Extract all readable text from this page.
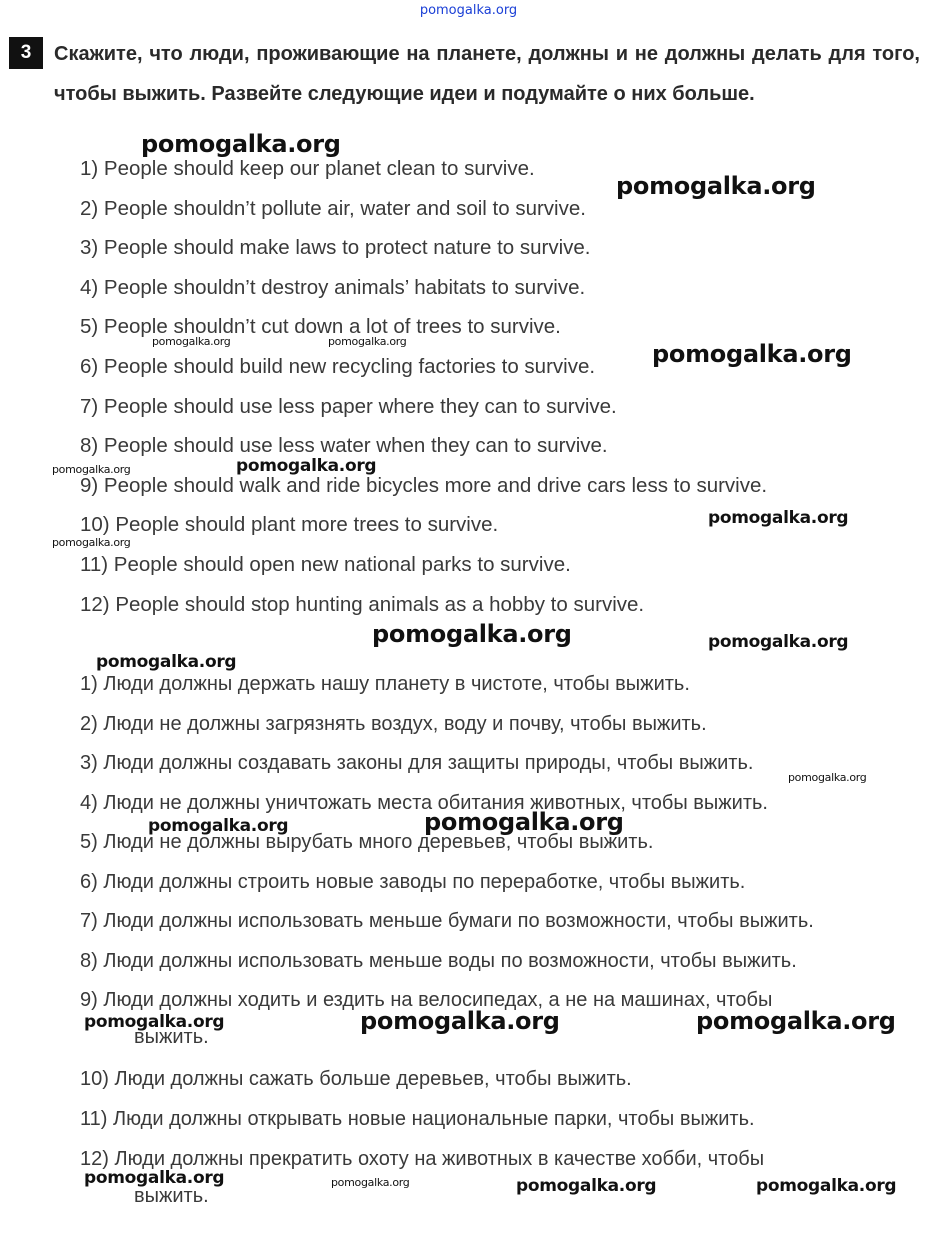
pomogalka.org
3	Скажите, что люди, проживающие на планете, должны и не должны делать для того, чтобы выжить. Развейте следующие идеи и подумайте о них больше.
1) People should keep our planet clean to survive.
2) People shouldn’t pollute air, water and soil to survive.
3) People should make laws to protect nature to survive.
4) People shouldn’t destroy animals’ habitats to survive.
5) People shouldn’t cut down a lot of trees to survive.
6) People should build new recycling factories to survive.
7) People should use less paper where they can to survive.
8) People should use less water when they can to survive.
9) People should walk and ride bicycles more and drive cars less to survive.
10) People should plant more trees to survive.
11) People should open new national parks to survive.
12) People should stop hunting animals as a hobby to survive.
1) Люди должны держать нашу планету в чистоте, чтобы выжить.
2) Люди не должны загрязнять воздух, воду и почву, чтобы выжить.
3) Люди должны создавать законы для защиты природы, чтобы выжить.
4) Люди не должны уничтожать места обитания животных, чтобы выжить.
5) Люди не должны вырубать много деревьев, чтобы выжить.
6) Люди должны строить новые заводы по переработке, чтобы выжить.
7) Люди должны использовать меньше бумаги по возможности, чтобы выжить.
8) Люди должны использовать меньше воды по возможности, чтобы выжить.
9) Люди должны ходить и ездить на велосипедах, а не на машинах, чтобы
выжить.
10) Люди должны сажать больше деревьев, чтобы выжить.
11) Люди должны открывать новые национальные парки, чтобы выжить.
12) Люди должны прекратить охоту на животных в качестве хобби, чтобы
выжить.
pomogalka.org
pomogalka.org
pomogalka.org	pomogalka.org	pomogalka.org
pomogalka.org	pomogalka.org
pomogalka.org
pomogalka.org
pomogalka.org	pomogalka.org
pomogalka.org
pomogalka.org
pomogalka.org	pomogalka.org
pomogalka.org	pomogalka.org	pomogalka.org
pomogalka.org	pomogalka.org	pomogalka.org	pomogalka.org
